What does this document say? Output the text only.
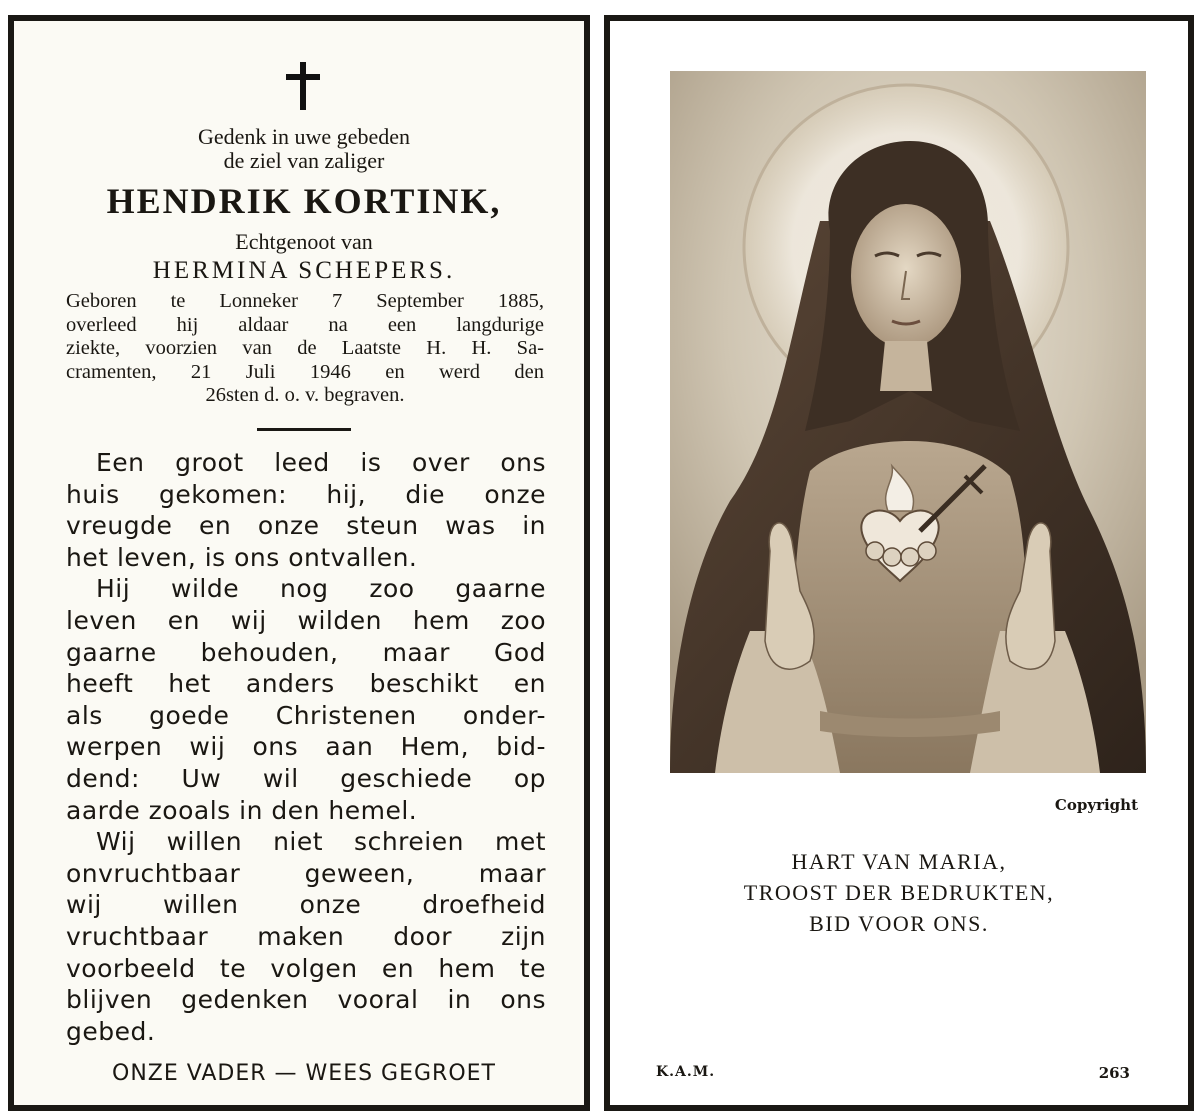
Gedenk in uwe gebeden
de ziel van zaliger
HENDRIK KORTINK,
Echtgenoot van
HERMINA SCHEPERS.
Geboren te Lonneker 7 September 1885,
overleed hij aldaar na een langdurige
ziekte, voorzien van de Laatste H. H. Sa-
cramenten, 21 Juli 1946 en werd den
26sten d. o. v. begraven.
Een groot leed is over ons
huis gekomen: hij, die onze
vreugde en onze steun was in
het leven, is ons ontvallen.
Hij wilde nog zoo gaarne
leven en wij wilden hem zoo
gaarne behouden, maar God
heeft het anders beschikt en
als goede Christenen onder-
werpen wij ons aan Hem, bid-
dend: Uw wil geschiede op
aarde zooals in den hemel.
Wij willen niet schreien met
onvruchtbaar geween, maar
wij willen onze droefheid
vruchtbaar maken door zijn
voorbeeld te volgen en hem te
blijven gedenken vooral in ons
gebed.
ONZE VADER — WEES GEGROET
Copyright
HART VAN MARIA,
TROOST DER BEDRUKTEN,
BID VOOR ONS.
K.A.M.	263
